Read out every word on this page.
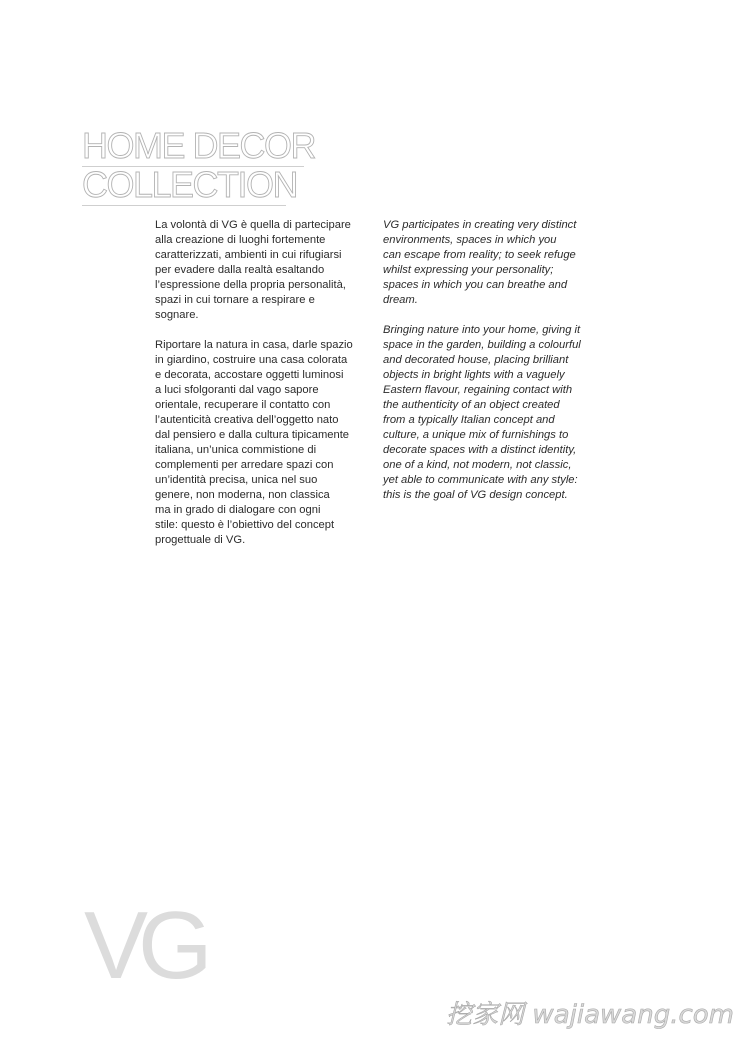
HOME DECOR
COLLECTION

La volontà di VG è quella di partecipare
alla creazione di luoghi fortemente
caratterizzati, ambienti in cui rifugiarsi
per evadere dalla realtà esaltando
l’espressione della propria personalità,
spazi in cui tornare a respirare e
sognare.

Riportare la natura in casa, darle spazio
in giardino, costruire una casa colorata
e decorata, accostare oggetti luminosi
a luci sfolgoranti dal vago sapore
orientale, recuperare il contatto con
l’autenticità creativa dell’oggetto nato
dal pensiero e dalla cultura tipicamente
italiana, un’unica commistione di
complementi per arredare spazi con
un’identità precisa, unica nel suo
genere, non moderna, non classica
ma in grado di dialogare con ogni
stile: questo è l’obiettivo del concept
progettuale di VG.

VG participates in creating very distinct
environments, spaces in which you
can escape from reality; to seek refuge
whilst expressing your personality;
spaces in which you can breathe and
dream.

Bringing nature into your home, giving it
space in the garden, building a colourful
and decorated house, placing brilliant
objects in bright lights with a vaguely
Eastern flavour, regaining contact with
the authenticity of an object created
from a typically Italian concept and
culture, a unique mix of furnishings to
decorate spaces with a distinct identity,
one of a kind, not modern, not classic,
yet able to communicate with any style:
this is the goal of VG design concept.

VG
挖家网 wajiawang.com
